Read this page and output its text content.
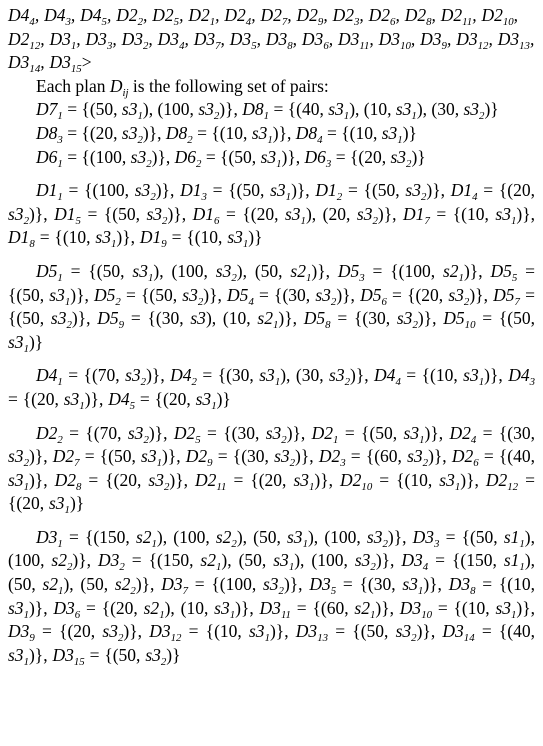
$D4_4$, $D4_3$, $D4_5$, $D2_2$, $D2_5$, $D2_1$, $D2_4$, $D2_7$, $D2_9$, $D2_3$, $D2_6$, $D2_8$, $D2_{11}$, $D2_{10}$,

$D2_{12}$, $D3_1$, $D3_3$, $D3_2$, $D3_4$, $D3_7$, $D3_5$, $D3_8$, $D3_6$, $D3_{11}$, $D3_{10}$, $D3_9$, $D3_{12}$, $D3_{13}$,

$D3_{14}$, $D3_{15}>$

Each plan $D_{ij}$ is the following set of pairs:

$D7_1 = \{(50$, $s3_1$), (100, $s3_2$)}, $D8_1 = \{(40$, $s3_1$), (10, $s3_1$), (30, $s3_2$)}

$D8_3 = \{(20$, $s3_2$)}, $D8_2 = \{(10$, $s3_1$)}, $D8_4 = \{(10$, $s3_1$)}

$D6_1 = \{(100$, $s3_2$)}, $D6_2 = \{(50$, $s3_1$)}, $D6_3 = \{(20$, $s3_2$)}

$D1_1 = \{(100$, $s3_2$)}, $D1_3 = \{(50$, $s3_1$)}, $D1_2 = \{(50$, $s3_2$)}, $D1_4 = \{(20$, $s3_2$)}, $D1_5 = \{(50$, $s3_2$)}, $D1_6 = \{(20$, $s3_1$), (20, $s3_2$)}, $D1_7 = \{(10$, $s3_1$)}, $D1_8 = \{(10$, $s3_1$)}, $D1_9 = \{(10$, $s3_1$)}

$D5_1 = \{(50$, $s3_1$), (100, $s3_2$), (50, $s2_1$)}, $D5_3 = \{(100$, $s2_1$)}, $D5_5 = \{(50$, $s3_1$)}, $D5_2 = \{(50$, $s3_2$)}, $D5_4 = \{(30$, $s3_2$)}, $D5_6 = \{(20$, $s3_2$)}, $D5_7 = \{(50$, $s3_2$)}, $D5_9 = \{(30$, s3), (10, $s2_1$)}, $D5_8 = \{(30$, $s3_2$)}, $D5_{10} = \{(50$, $s3_1$)}

$D4_1 = \{(70$, $s3_2$)}, $D4_2 = \{(30$, $s3_1$), (30, $s3_2$)}, $D4_4 = \{(10$, $s3_1$)}, $D4_3 = \{(20$, $s3_1$)}, $D4_5 = \{(20$, $s3_1$)}

$D2_2 = \{(70$, $s3_2$)}, $D2_5 = \{(30$, $s3_2$)}, $D2_1 = \{(50$, $s3_1$)}, $D2_4 = \{(30$, $s3_2$)}, $D2_7 = \{(50$, $s3_1$)}, $D2_9 = \{(30$, $s3_2$)}, $D2_3 = \{(60$, $s3_2$)}, $D2_6 = \{(40$, $s3_1$)}, $D2_8 = \{(20$, $s3_2$)}, $D2_{11} = \{(20$, $s3_1$)}, $D2_{10} = \{(10$, $s3_1$)}, $D2_{12} = \{(20$, $s3_1$)}

$D3_1 = \{(150$, $s2_1$), (100, $s2_2$), (50, $s3_1$), (100, $s3_2$)}, $D3_3 = \{(50$, $s1_1$), (100, $s2_2$)}, $D3_2 = \{(150$, $s2_1$), (50, $s3_1$), (100, $s3_2$)}, $D3_4 = \{(150$, $s1_1$), (50, $s2_1$), (50, $s2_2$)}, $D3_7 = \{(100$, $s3_2$)}, $D3_5 = \{(30$, $s3_1$)}, $D3_8 = \{(10$, $s3_1$)}, $D3_6 = \{(20$, $s2_1$), (10, $s3_1$)}, $D3_{11} = \{(60$, $s2_1$)}, $D3_{10} = \{(10$, $s3_1$)}, $D3_9 = \{(20$, $s3_2$)}, $D3_{12} = \{(10$, $s3_1$)}, $D3_{13} = \{(50$, $s3_2$)}, $D3_{14} = \{(40$, $s3_1$)}, $D3_{15} = \{(50$, $s3_2$)}
